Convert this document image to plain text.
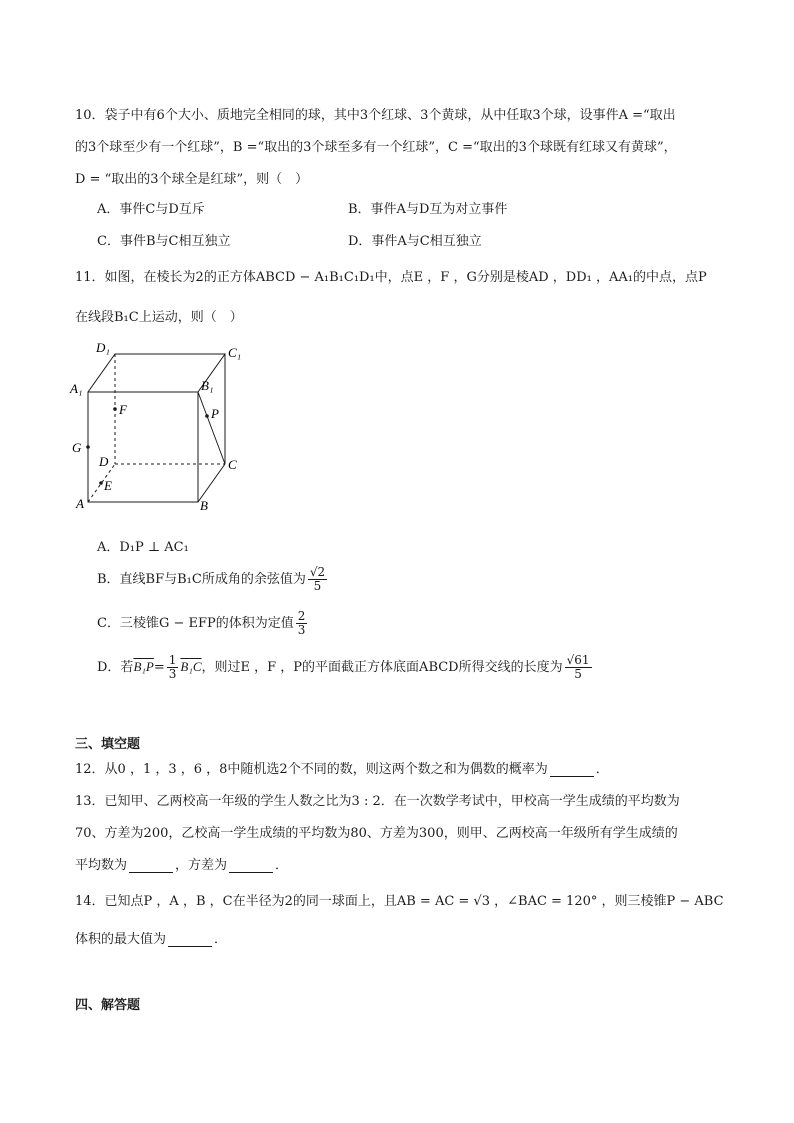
10．袋子中有6个大小、质地完全相同的球，其中3个红球、3个黄球，从中任取3个球，设事件A =“取出
的3个球至少有一个红球”，B =“取出的3个球至多有一个红球”，C =“取出的3个球既有红球又有黄球”，
D = “取出的3个球全是红球”，则（　）
A．事件C与D互斥	B．事件A与D互为对立事件
C．事件B与C相互独立	D．事件A与C相互独立
11．如图，在棱长为2的正方体ABCD − A₁B₁C₁D₁中，点E ，F ，G分别是棱AD ，DD₁ ，AA₁的中点，点P
在线段B₁C上运动，则（　）
D₁	C₁
A₁	B₁
F	P
G
D	C
E
A	B
A．D₁P ⊥ AC₁
B．直线BF与B₁C所成角的余弦值为 $\frac{√2}{5}$
C．三棱锥G − EFP的体积为定值 $\frac{2}{3}$
D．若$B_1P= \frac{1}{3} B_1C$，则过E ，F ，P的平面截正方体底面ABCD所得交线的长度为 $\frac{√61}{5}$
三、填空题
12．从0 ，1 ，3 ，6 ，8中随机选2个不同的数，则这两个数之和为偶数的概率为	．
13．已知甲、乙两校高一年级的学生人数之比为3 : 2．在一次数学考试中，甲校高一学生成绩的平均数为
70、方差为200，乙校高一学生成绩的平均数为80、方差为300，则甲、乙两校高一年级所有学生成绩的
平均数为	，方差为	．
14．已知点P ，A ，B ，C在半径为2的同一球面上，且AB = AC = √3 ，∠BAC = 120° ，则三棱锥P − ABC
体积的最大值为	．
四、解答题
